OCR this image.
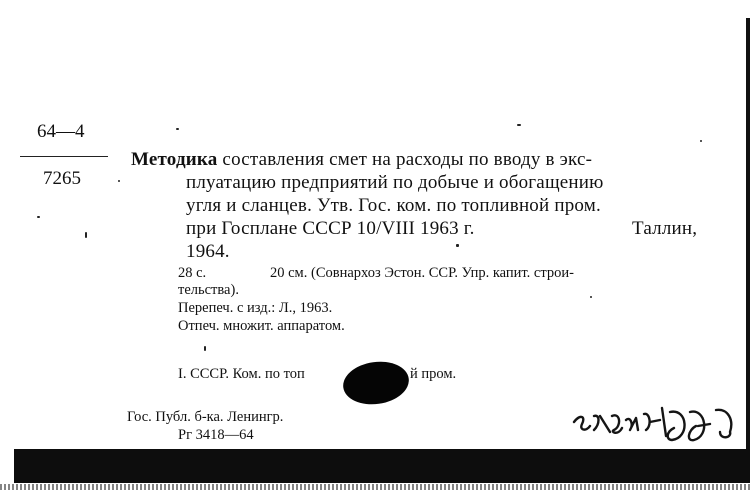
64—4
7265
Методика составления смет на расходы по вводу в экс-
плуатацию предприятий по добыче и обогащению
угля и сланцев. Утв. Гос. ком. по топливной пром.
при Госплане СССР 10/VIII 1963 г.	Таллин,
1964.
28 с.	20 см. (Совнархоз Эстон. ССР. Упр. капит. строи-
тельства).
Перепеч. с изд.: Л., 1963.
Отпеч. множит. аппаратом.
I. СССР. Ком. по топ	й пром.
Гос. Публ. б-ка. Ленингр.
Рг 3418—64
